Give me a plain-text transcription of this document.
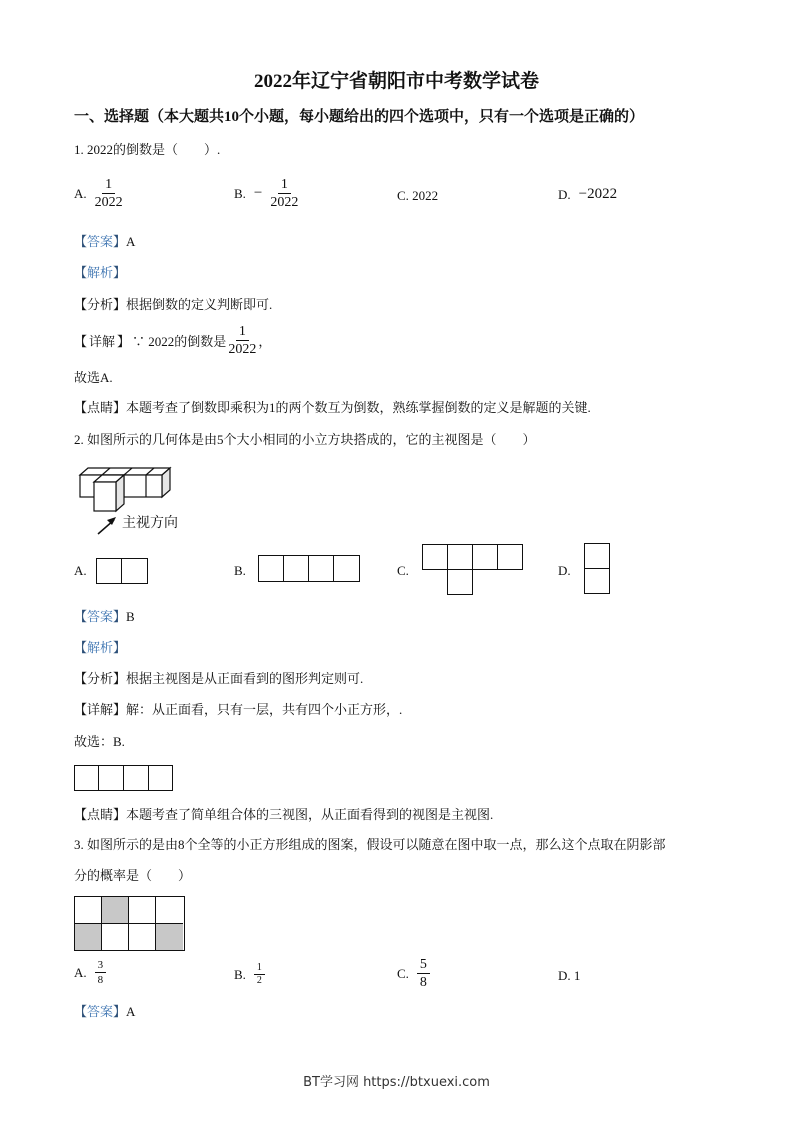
2022年辽宁省朝阳市中考数学试卷
一、选择题（本大题共10个小题，每小题给出的四个选项中，只有一个选项是正确的）
1. 2022的倒数是（　　）.
A. $\frac{1}{2022}$	B. − $\frac{1}{2022}$	C. 2022	D. −2022
【答案】A
【解析】
【分析】根据倒数的定义判断即可.
【 详解 】 ∵ 2022的倒数是 $\frac{1}{2022}$ ，
故选A.
【点睛】本题考查了倒数即乘积为1的两个数互为倒数，熟练掌握倒数的定义是解题的关键.
2. 如图所示的几何体是由5个大小相同的小立方块搭成的，它的主视图是（　　）
主视方向
A.	B.	C.	D.
【答案】B
【解析】
【分析】根据主视图是从正面看到的图形判定则可.
【详解】解：从正面看，只有一层，共有四个小正方形，.
故选：B.
【点睛】本题考查了简单组合体的三视图，从正面看得到的视图是主视图.
3. 如图所示的是由8个全等的小正方形组成的图案，假设可以随意在图中取一点，那么这个点取在阴影部
分的概率是（　　）
A. $\frac{3}{8}$	B. $\frac{1}{2}$	C. $\frac{5}{8}$	D. 1
【答案】A
BT学习网 https://btxuexi.com
